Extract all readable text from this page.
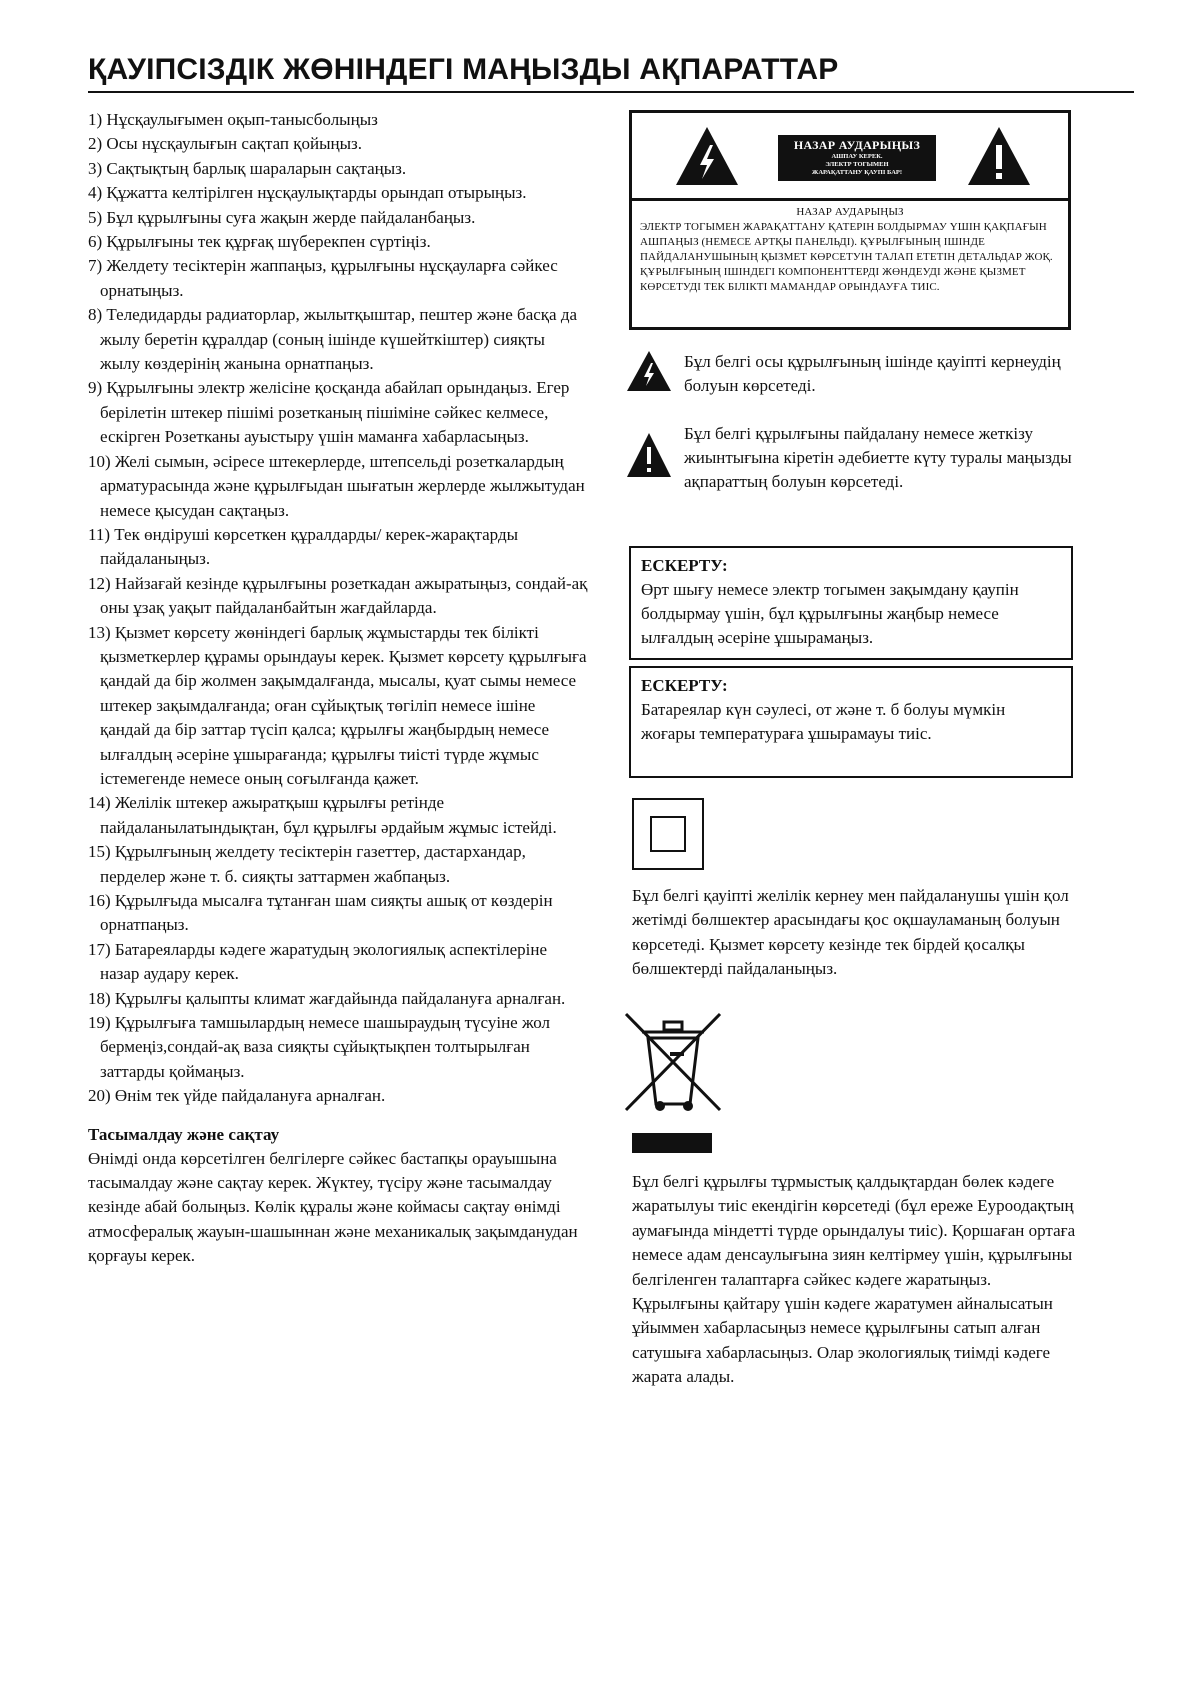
ҚАУІПСІЗДІК ЖӨНІНДЕГІ МАҢЫЗДЫ АҚПАРАТТАР
1) Нұсқаулығымен оқып-танысболыңыз
2) Осы нұсқаулығын сақтап қойыңыз.
3) Сақтықтың барлық шараларын сақтаңыз.
4) Құжатта келтірілген нұсқаулықтарды орындап отырыңыз.
5) Бұл құрылғыны суға жақын жерде пайдаланбаңыз.
6) Құрылғыны тек құрғақ шүберекпен сүртіңіз.
7) Желдету тесіктерін жаппаңыз, құрылғыны нұсқауларға сәйкес орнатыңыз.
8) Теледидарды радиаторлар, жылытқыштар, пештер және басқа да жылу беретін құралдар (соның ішінде күшейткіштер) сияқты жылу көздерінің жанына орнатпаңыз.
9) Құрылғыны электр желісіне қосқанда абайлап орындаңыз. Егер берілетін штекер пішімі розетканың пішіміне сәйкес келмесе, ескірген Розетканы ауыстыру үшін маманға хабарласыңыз.
10) Желі сымын, әсіресе штекерлерде, штепсельді розеткалардың арматурасында және құрылғыдан шығатын жерлерде жылжытудан немесе қысудан сақтаңыз.
11) Тек өндіруші көрсеткен құралдарды/ керек-жарақтарды пайдаланыңыз.
12) Найзағай кезінде құрылғыны розеткадан ажыратыңыз, сондай-ақ оны ұзақ уақыт пайдаланбайтын жағдайларда.
13) Қызмет көрсету жөніндегі барлық жұмыстарды тек білікті қызметкерлер құрамы орындауы керек. Қызмет көрсету құрылғыға қандай да бір жолмен зақымдалғанда, мысалы, қуат сымы немесе штекер зақымдалғанда; оған сұйықтық төгіліп немесе ішіне қандай да бір заттар түсіп қалса; құрылғы жаңбырдың немесе ылғалдың әсеріне ұшырағанда; құрылғы тиісті түрде жұмыс істемегенде немесе оның соғылғанда қажет.
14) Желілік штекер ажыратқыш құрылғы ретінде пайдаланылатындықтан, бұл құрылғы әрдайым жұмыс істейді.
15) Құрылғының желдету тесіктерін газеттер, дастархандар, перделер және т. б. сияқты заттармен жабпаңыз.
16) Құрылғыда мысалға тұтанған шам сияқты ашық от көздерін орнатпаңыз.
17) Батареяларды кәдеге жаратудың экологиялық аспектілеріне назар аудару керек.
18) Құрылғы қалыпты климат жағдайында пайдалануға арналған.
19) Құрылғыға тамшылардың немесе шашыраудың түсуіне жол бермеңіз,сондай-ақ ваза сияқты сұйықтықпен толтырылған заттарды қоймаңыз.
20) Өнім тек үйде пайдалануға арналған.
Тасымалдау және сақтау

Өнімді онда көрсетілген белгілерге сәйкес бастапқы орауышына тасымалдау және сақтау керек. Жүктеу, түсіру және тасымалдау кезінде абай болыңыз. Көлік құралы және коймасы сақтау өнімді атмосфералық жауын-шашыннан және механикалық зақымданудан қорғауы керек.

НАЗАР АУДАРЫҢЫЗ
АШПАУ КЕРЕК.
ЭЛЕКТР ТОГЫМЕН
ЖАРАҚАТТАНУ ҚАУПІ БАР!
НАЗАР АУДАРЫҢЫЗ
ЭЛЕКТР ТОГЫМЕН ЖАРАҚАТТАНУ ҚАТЕРІН БОЛДЫРМАУ ҮШІН ҚАҚПАҒЫН АШПАҢЫЗ (НЕМЕСЕ АРТҚЫ ПАНЕЛЬДІ). ҚҰРЫЛҒЫНЫҢ ІШІНДЕ ПАЙДАЛАНУШЫНЫҢ ҚЫЗМЕТ КӨРСЕТУІН ТАЛАП ЕТЕТІН ДЕТАЛЬДАР ЖОҚ. ҚҰРЫЛҒЫНЫҢ ІШІНДЕГІ КОМПОНЕНТТЕРДІ ЖӨНДЕУДІ ЖӘНЕ ҚЫЗМЕТ КӨРСЕТУДІ ТЕК БІЛІКТІ МАМАНДАР ОРЫНДАУҒА ТИІС.
Бұл белгі осы құрылғының ішінде қауіпті кернеудің болуын көрсетеді.
Бұл белгі құрылғыны пайдалану немесе жеткізу жиынтығына кіретін әдебиетте күту туралы маңызды ақпараттың болуын көрсетеді.
ЕСКЕРТУ:
Өрт шығу немесе электр тогымен зақымдану қаупін болдырмау үшін, бұл құрылғыны жаңбыр немесе ылғалдың әсеріне ұшырамаңыз.
ЕСКЕРТУ:
Батареялар күн сәулесі, от және т. б болуы мүмкін жоғары температураға ұшырамауы тиіс.
Бұл белгі қауіпті желілік кернеу мен пайдаланушы үшін қол жетімді бөлшектер арасындағы қос оқшауламаның болуын көрсетеді. Қызмет көрсету кезінде тек бірдей қосалқы бөлшектерді пайдаланыңыз.
Бұл белгі құрылғы тұрмыстық қалдықтардан бөлек кәдеге жаратылуы тиіс екендігін көрсетеді (бұл ереже Еуроодақтың аумағында міндетті түрде орындалуы тиіс). Қоршаған ортаға немесе адам денсаулығына зиян келтірмеу үшін, құрылғыны белгіленген талаптарға сәйкес кәдеге жаратыңыз. Құрылғыны қайтару үшін кәдеге жаратумен айналысатын ұйыммен хабарласыңыз немесе құрылғыны сатып алған сатушыға хабарласыңыз. Олар экологиялық тиімді кәдеге жарата алады.
